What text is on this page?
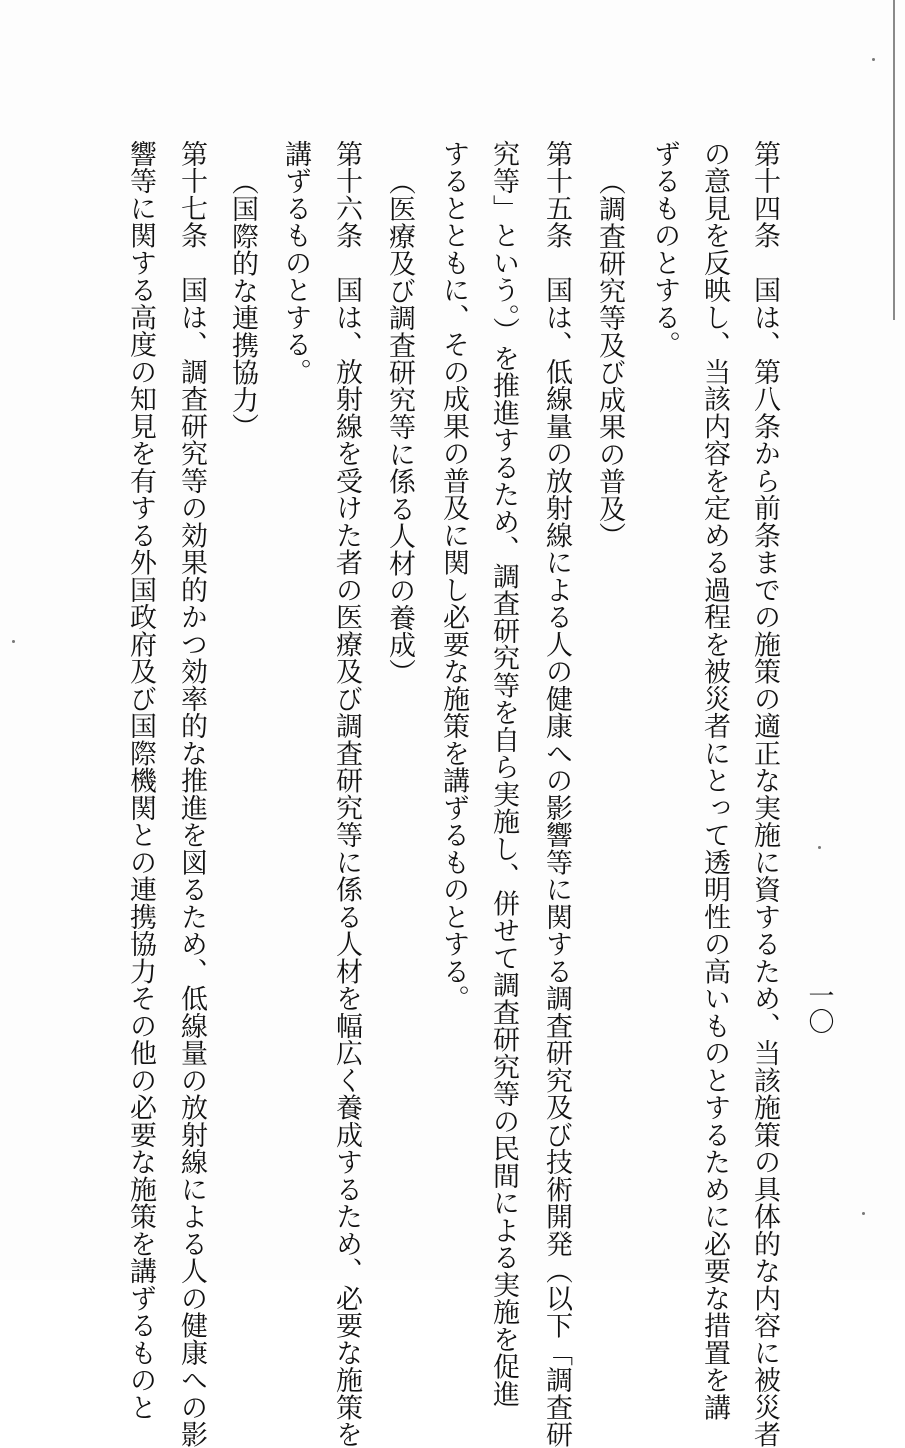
第十四条　国は、第八条から前条までの施策の適正な実施に資するため、当該施策の具体的な内容に被災者
の意見を反映し、当該内容を定める過程を被災者にとって透明性の高いものとするために必要な措置を講
ずるものとする。
（調査研究等及び成果の普及）
第十五条　国は、低線量の放射線による人の健康への影響等に関する調査研究及び技術開発（以下「調査研
究等」という。）を推進するため、調査研究等を自ら実施し、併せて調査研究等の民間による実施を促進
するとともに、その成果の普及に関し必要な施策を講ずるものとする。
（医療及び調査研究等に係る人材の養成）
第十六条　国は、放射線を受けた者の医療及び調査研究等に係る人材を幅広く養成するため、必要な施策を
講ずるものとする。
（国際的な連携協力）
第十七条　国は、調査研究等の効果的かつ効率的な推進を図るため、低線量の放射線による人の健康への影
響等に関する高度の知見を有する外国政府及び国際機関との連携協力その他の必要な施策を講ずるものと	一〇
